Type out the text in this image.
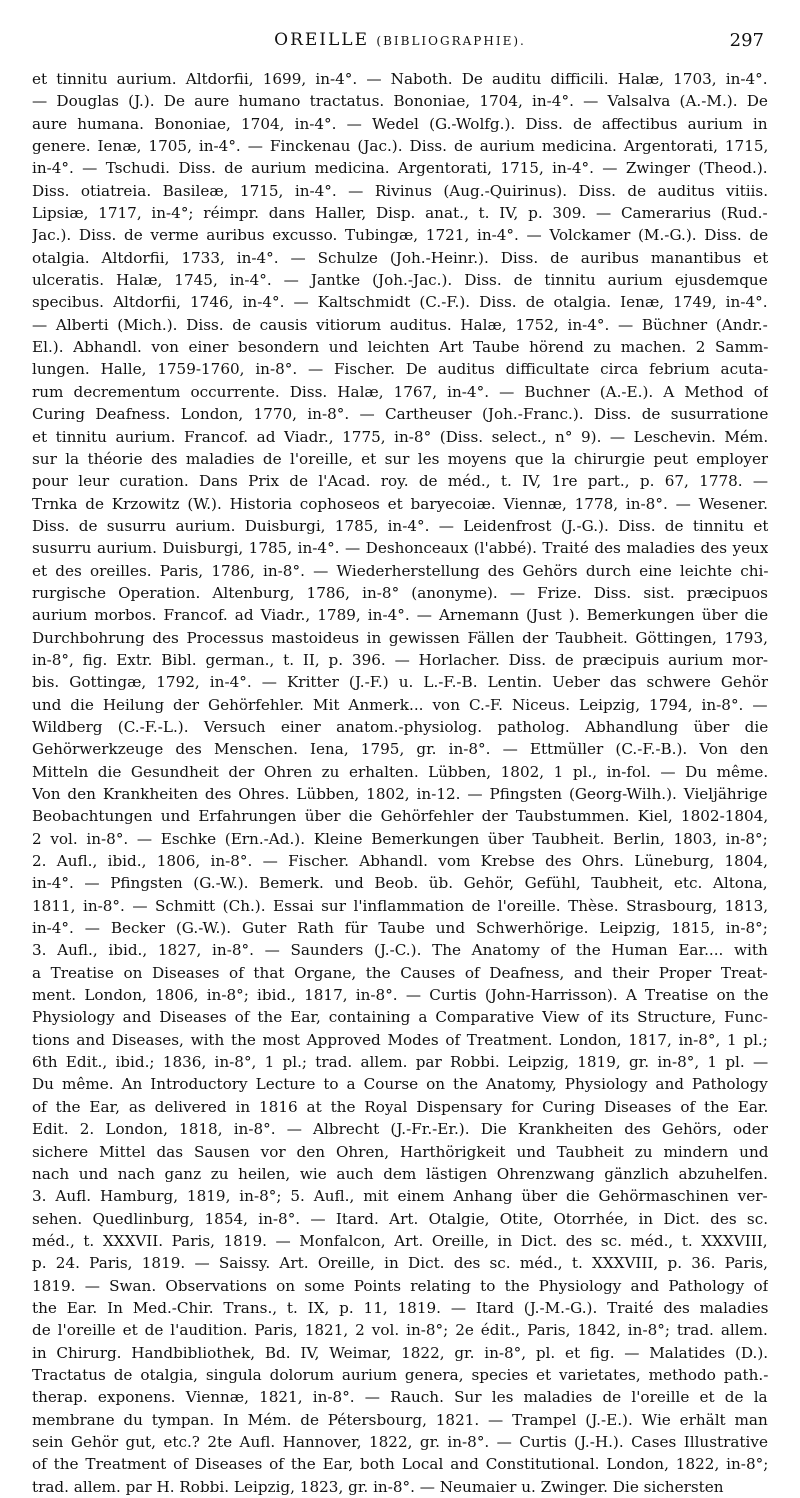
OREILLE (BIBLIOGRAPHIE).	297
et tinnitu aurium. Altdorfii, 1699, in-4°. — Naboth. De auditu difficili. Halæ, 1703, in-4°.
— Douglas (J.). De aure humano tractatus. Bononiae, 1704, in-4°. — Valsalva (A.-M.). De
aure humana. Bononiae, 1704, in-4°. — Wedel (G.-Wolfg.). Diss. de affectibus aurium in
genere. Ienæ, 1705, in-4°. — Finckenau (Jac.). Diss. de aurium medicina. Argentorati, 1715,
in-4°. — Tschudi. Diss. de aurium medicina. Argentorati, 1715, in-4°. — Zwinger (Theod.).
Diss. otiatreia. Basileæ, 1715, in-4°. — Rivinus (Aug.-Quirinus). Diss. de auditus vitiis.
Lipsiæ, 1717, in-4°; réimpr. dans Haller, Disp. anat., t. IV, p. 309. — Camerarius (Rud.-
Jac.). Diss. de verme auribus excusso. Tubingæ, 1721, in-4°. — Volckamer (M.-G.). Diss. de
otalgia. Altdorfii, 1733, in-4°. — Schulze (Joh.-Heinr.). Diss. de auribus manantibus et
ulceratis. Halæ, 1745, in-4°. — Jantke (Joh.-Jac.). Diss. de tinnitu aurium ejusdemque
specibus. Altdorfii, 1746, in-4°. — Kaltschmidt (C.-F.). Diss. de otalgia. Ienæ, 1749, in-4°.
— Alberti (Mich.). Diss. de causis vitiorum auditus. Halæ, 1752, in-4°. — Büchner (Andr.-
El.). Abhandl. von einer besondern und leichten Art Taube hörend zu machen. 2 Samm-
lungen. Halle, 1759-1760, in-8°. — Fischer. De auditus difficultate circa febrium acuta-
rum decrementum occurrente. Diss. Halæ, 1767, in-4°. — Buchner (A.-E.). A Method of
Curing Deafness. London, 1770, in-8°. — Cartheuser (Joh.-Franc.). Diss. de susurratione
et tinnitu aurium. Francof. ad Viadr., 1775, in-8° (Diss. select., n° 9). — Leschevin. Mém.
sur la théorie des maladies de l'oreille, et sur les moyens que la chirurgie peut employer
pour leur curation. Dans Prix de l'Acad. roy. de méd., t. IV, 1re part., p. 67, 1778. —
Trnka de Krzowitz (W.). Historia cophoseos et baryecoiæ. Viennæ, 1778, in-8°. — Wesener.
Diss. de susurru aurium. Duisburgi, 1785, in-4°. — Leidenfrost (J.-G.). Diss. de tinnitu et
susurru aurium. Duisburgi, 1785, in-4°. — Deshonceaux (l'abbé). Traité des maladies des yeux
et des oreilles. Paris, 1786, in-8°. — Wiederherstellung des Gehörs durch eine leichte chi-
rurgische Operation. Altenburg, 1786, in-8° (anonyme). — Frize. Diss. sist. præcipuos
aurium morbos. Francof. ad Viadr., 1789, in-4°. — Arnemann (Just ). Bemerkungen über die
Durchbohrung des Processus mastoideus in gewissen Fällen der Taubheit. Göttingen, 1793,
in-8°, fig. Extr. Bibl. german., t. II, p. 396. — Horlacher. Diss. de præcipuis aurium mor-
bis. Gottingæ, 1792, in-4°. — Kritter (J.-F.) u. L.-F.-B. Lentin. Ueber das schwere Gehör
und die Heilung der Gehörfehler. Mit Anmerk... von C.-F. Niceus. Leipzig, 1794, in-8°. —
Wildberg (C.-F.-L.). Versuch einer anatom.-physiolog. patholog. Abhandlung über die
Gehörwerkzeuge des Menschen. Iena, 1795, gr. in-8°. — Ettmüller (C.-F.-B.). Von den
Mitteln die Gesundheit der Ohren zu erhalten. Lübben, 1802, 1 pl., in-fol. — Du même.
Von den Krankheiten des Ohres. Lübben, 1802, in-12. — Pfingsten (Georg-Wilh.). Vieljährige
Beobachtungen und Erfahrungen über die Gehörfehler der Taubstummen. Kiel, 1802-1804,
2 vol. in-8°. — Eschke (Ern.-Ad.). Kleine Bemerkungen über Taubheit. Berlin, 1803, in-8°;
2. Aufl., ibid., 1806, in-8°. — Fischer. Abhandl. vom Krebse des Ohrs. Lüneburg, 1804,
in-4°. — Pfingsten (G.-W.). Bemerk. und Beob. üb. Gehör, Gefühl, Taubheit, etc. Altona,
1811, in-8°. — Schmitt (Ch.). Essai sur l'inflammation de l'oreille. Thèse. Strasbourg, 1813,
in-4°. — Becker (G.-W.). Guter Rath für Taube und Schwerhörige. Leipzig, 1815, in-8°;
3. Aufl., ibid., 1827, in-8°. — Saunders (J.-C.). The Anatomy of the Human Ear.... with
a Treatise on Diseases of that Organe, the Causes of Deafness, and their Proper Treat-
ment. London, 1806, in-8°; ibid., 1817, in-8°. — Curtis (John-Harrisson). A Treatise on the
Physiology and Diseases of the Ear, containing a Comparative View of its Structure, Func-
tions and Diseases, with the most Approved Modes of Treatment. London, 1817, in-8°, 1 pl.;
6th Edit., ibid.; 1836, in-8°, 1 pl.; trad. allem. par Robbi. Leipzig, 1819, gr. in-8°, 1 pl. —
Du même. An Introductory Lecture to a Course on the Anatomy, Physiology and Pathology
of the Ear, as delivered in 1816 at the Royal Dispensary for Curing Diseases of the Ear.
Edit. 2. London, 1818, in-8°. — Albrecht (J.-Fr.-Er.). Die Krankheiten des Gehörs, oder
sichere Mittel das Sausen vor den Ohren, Harthörigkeit und Taubheit zu mindern und
nach und nach ganz zu heilen, wie auch dem lästigen Ohrenzwang gänzlich abzuhelfen.
3. Aufl. Hamburg, 1819, in-8°; 5. Aufl., mit einem Anhang über die Gehörmaschinen ver-
sehen. Quedlinburg, 1854, in-8°. — Itard. Art. Otalgie, Otite, Otorrhée, in Dict. des sc.
méd., t. XXXVII. Paris, 1819. — Monfalcon, Art. Oreille, in Dict. des sc. méd., t. XXXVIII,
p. 24. Paris, 1819. — Saissy. Art. Oreille, in Dict. des sc. méd., t. XXXVIII, p. 36. Paris,
1819. — Swan. Observations on some Points relating to the Physiology and Pathology of
the Ear. In Med.-Chir. Trans., t. IX, p. 11, 1819. — Itard (J.-M.-G.). Traité des maladies
de l'oreille et de l'audition. Paris, 1821, 2 vol. in-8°; 2e édit., Paris, 1842, in-8°; trad. allem.
in Chirurg. Handbibliothek, Bd. IV, Weimar, 1822, gr. in-8°, pl. et fig. — Malatides (D.).
Tractatus de otalgia, singula dolorum aurium genera, species et varietates, methodo path.-
therap. exponens. Viennæ, 1821, in-8°. — Rauch. Sur les maladies de l'oreille et de la
membrane du tympan. In Mém. de Pétersbourg, 1821. — Trampel (J.-E.). Wie erhält man
sein Gehör gut, etc.? 2te Aufl. Hannover, 1822, gr. in-8°. — Curtis (J.-H.). Cases Illustrative
of the Treatment of Diseases of the Ear, both Local and Constitutional. London, 1822, in-8°;
trad. allem. par H. Robbi. Leipzig, 1823, gr. in-8°. — Neumaier u. Zwinger. Die sichersten
